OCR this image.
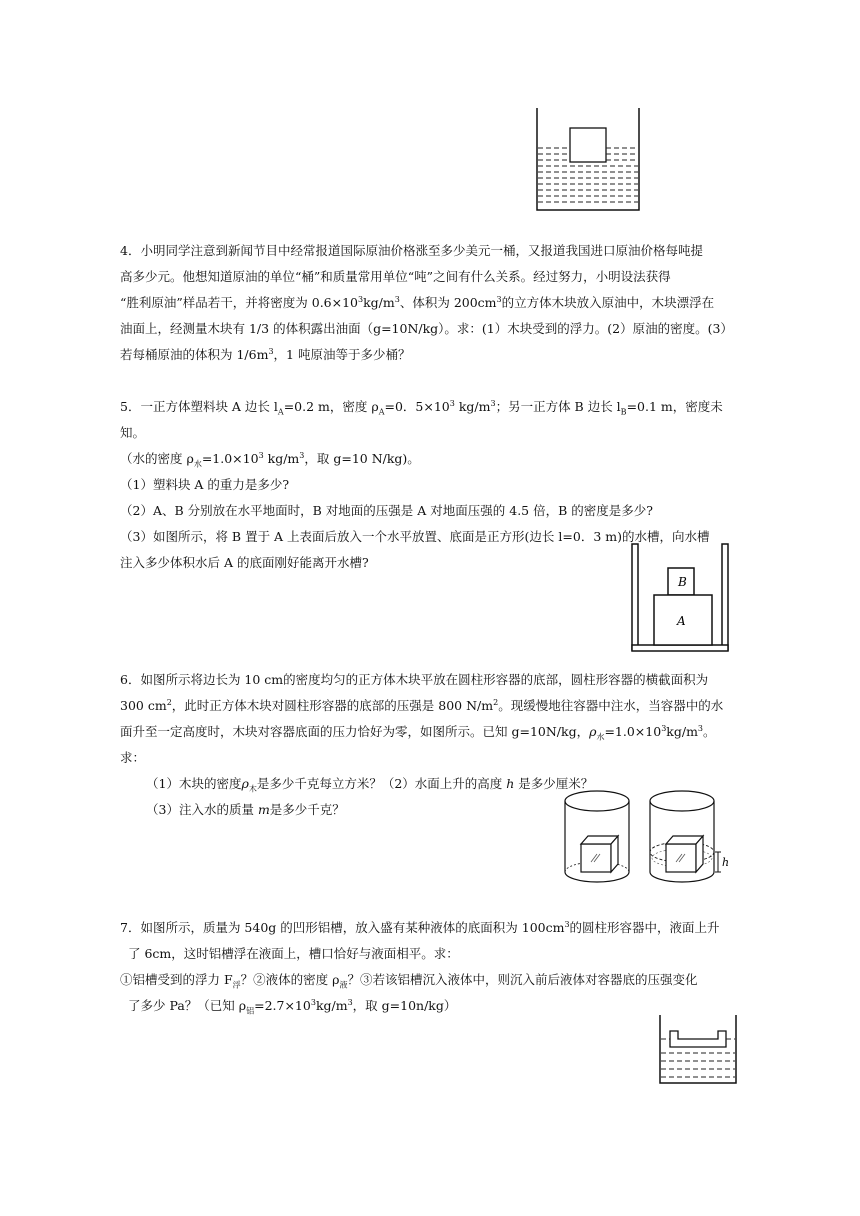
4．小明同学注意到新闻节目中经常报道国际原油价格涨至多少美元一桶，又报道我国进口原油价格每吨提

高多少元。他想知道原油的单位“桶”和质量常用单位“吨”之间有什么关系。经过努力，小明设法获得

“胜利原油”样品若干，并将密度为 $0.6\times 10^3kg/m^3$、体积为 $200cm^3$的立方体木块放入原油中，木块漂浮在

油面上，经测量木块有 1/3 的体积露出油面（g=10N/kg）。求：(1）木块受到的浮力。(2）原油的密度。(3）

若每桶原油的体积为 $1/6m^3$，1 吨原油等于多少桶？

5．一正方体塑料块 A 边长 $l_A=0.2$ m，密度 $\rho_A=0$．$5\times 10^3$ $kg/m^3$；另一正方体 B 边长 $l_B=0.1$ m，密度未知。

（水的密度 $\rho_水=1.0\times 10^3$ $kg/m^3$，取 g=10 N/kg)。

（1）塑料块 A 的重力是多少?

（2）A、B 分别放在水平地面时，B 对地面的压强是 A 对地面压强的 4.5 倍，B 的密度是多少?

（3）如图所示，将 B 置于 A 上表面后放入一个水平放置、底面是正方形(边长 l=0．3 m)的水槽，向水槽

注入多少体积水后 A 的底面刚好能离开水槽?

B
A

6．如图所示将边长为 10 cm的密度均匀的正方体木块平放在圆柱形容器的底部，圆柱形容器的横截面积为

300 $cm^2$，此时正方体木块对圆柱形容器的底部的压强是 800 $N/m^2$。现缓慢地往容器中注水，当容器中的水

面升至一定高度时，木块对容器底面的压力恰好为零，如图所示。已知 g=10N/kg，$\rho_水=1.0\times 10^3kg/m^3$。求：

（1）木块的密度$\rho_木$是多少千克每立方米？（2）水面上升的高度 h 是多少厘米？

（3）注入水的质量 m是多少千克？

h

7．如图所示，质量为 540g 的凹形铝槽，放入盛有某种液体的底面积为 $100cm^3$的圆柱形容器中，液面上升

了 6cm，这时铝槽浮在液面上，槽口恰好与液面相平。求：

①铝槽受到的浮力 $F_浮$？②液体的密度 $\rho_液$？③若该铝槽沉入液体中，则沉入前后液体对容器底的压强变化

了多少 Pa？（已知 $\rho_铝=2.7\times 10^3kg/m^3$，取 g=10n/kg）
